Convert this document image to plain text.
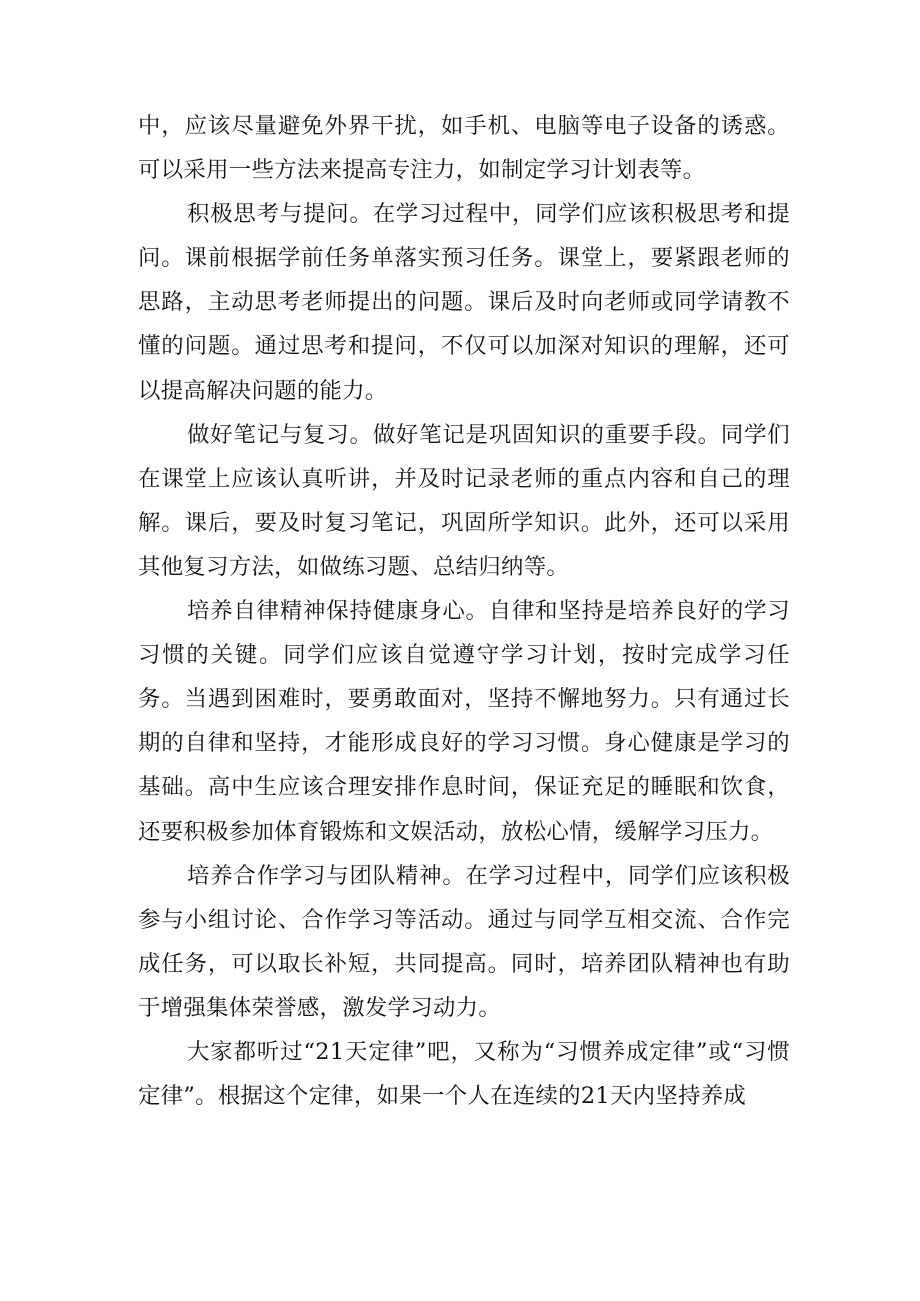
中，应该尽量避免外界干扰，如手机、电脑等电子设备的诱惑。可以采用一些方法来提高专注力，如制定学习计划表等。

积极思考与提问。在学习过程中，同学们应该积极思考和提问。课前根据学前任务单落实预习任务。课堂上，要紧跟老师的思路，主动思考老师提出的问题。课后及时向老师或同学请教不懂的问题。通过思考和提问，不仅可以加深对知识的理解，还可以提高解决问题的能力。

做好笔记与复习。做好笔记是巩固知识的重要手段。同学们在课堂上应该认真听讲，并及时记录老师的重点内容和自己的理解。课后，要及时复习笔记，巩固所学知识。此外，还可以采用其他复习方法，如做练习题、总结归纳等。

培养自律精神保持健康身心。自律和坚持是培养良好的学习习惯的关键。同学们应该自觉遵守学习计划，按时完成学习任务。当遇到困难时，要勇敢面对，坚持不懈地努力。只有通过长期的自律和坚持，才能形成良好的学习习惯。身心健康是学习的基础。高中生应该合理安排作息时间，保证充足的睡眠和饮食，还要积极参加体育锻炼和文娱活动，放松心情，缓解学习压力。

培养合作学习与团队精神。在学习过程中，同学们应该积极参与小组讨论、合作学习等活动。通过与同学互相交流、合作完成任务，可以取长补短，共同提高。同时，培养团队精神也有助于增强集体荣誉感，激发学习动力。

大家都听过“21天定律”吧，又称为“习惯养成定律”或“习惯定律”。根据这个定律，如果一个人在连续的21天内坚持养成
